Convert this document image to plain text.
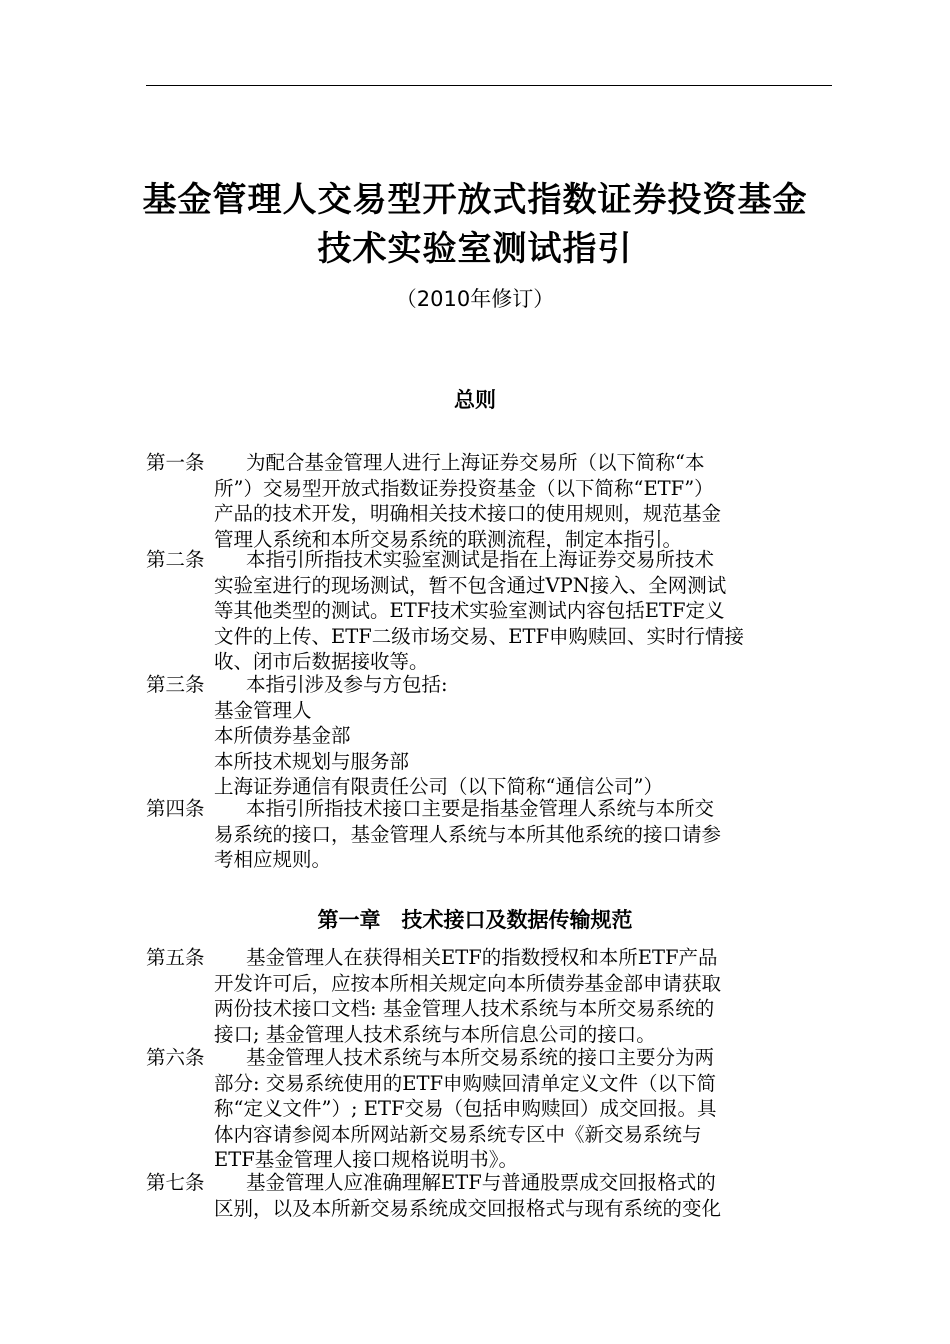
基金管理人交易型开放式指数证券投资基金
技术实验室测试指引
（2010年修订）
总则
第一条 为配合基金管理人进行上海证券交易所（以下简称“本
所”）交易型开放式指数证券投资基金（以下简称“ETF”）
产品的技术开发，明确相关技术接口的使用规则，规范基金
管理人系统和本所交易系统的联测流程，制定本指引。
第二条 本指引所指技术实验室测试是指在上海证券交易所技术
实验室进行的现场测试，暂不包含通过VPN接入、全网测试
等其他类型的测试。ETF技术实验室测试内容包括ETF定义
文件的上传、ETF二级市场交易、ETF申购赎回、实时行情接
收、闭市后数据接收等。
第三条 本指引涉及参与方包括:
基金管理人
本所债券基金部
本所技术规划与服务部
上海证券通信有限责任公司（以下简称“通信公司”）
第四条 本指引所指技术接口主要是指基金管理人系统与本所交
易系统的接口，基金管理人系统与本所其他系统的接口请参
考相应规则。
第一章　技术接口及数据传输规范
第五条 基金管理人在获得相关ETF的指数授权和本所ETF产品
开发许可后，应按本所相关规定向本所债券基金部申请获取
两份技术接口文档: 基金管理人技术系统与本所交易系统的
接口; 基金管理人技术系统与本所信息公司的接口。
第六条 基金管理人技术系统与本所交易系统的接口主要分为两
部分: 交易系统使用的ETF申购赎回清单定义文件（以下简
称“定义文件”）; ETF交易（包括申购赎回）成交回报。具
体内容请参阅本所网站新交易系统专区中《新交易系统与
ETF基金管理人接口规格说明书》。
第七条 基金管理人应准确理解ETF与普通股票成交回报格式的
区别，以及本所新交易系统成交回报格式与现有系统的变化
